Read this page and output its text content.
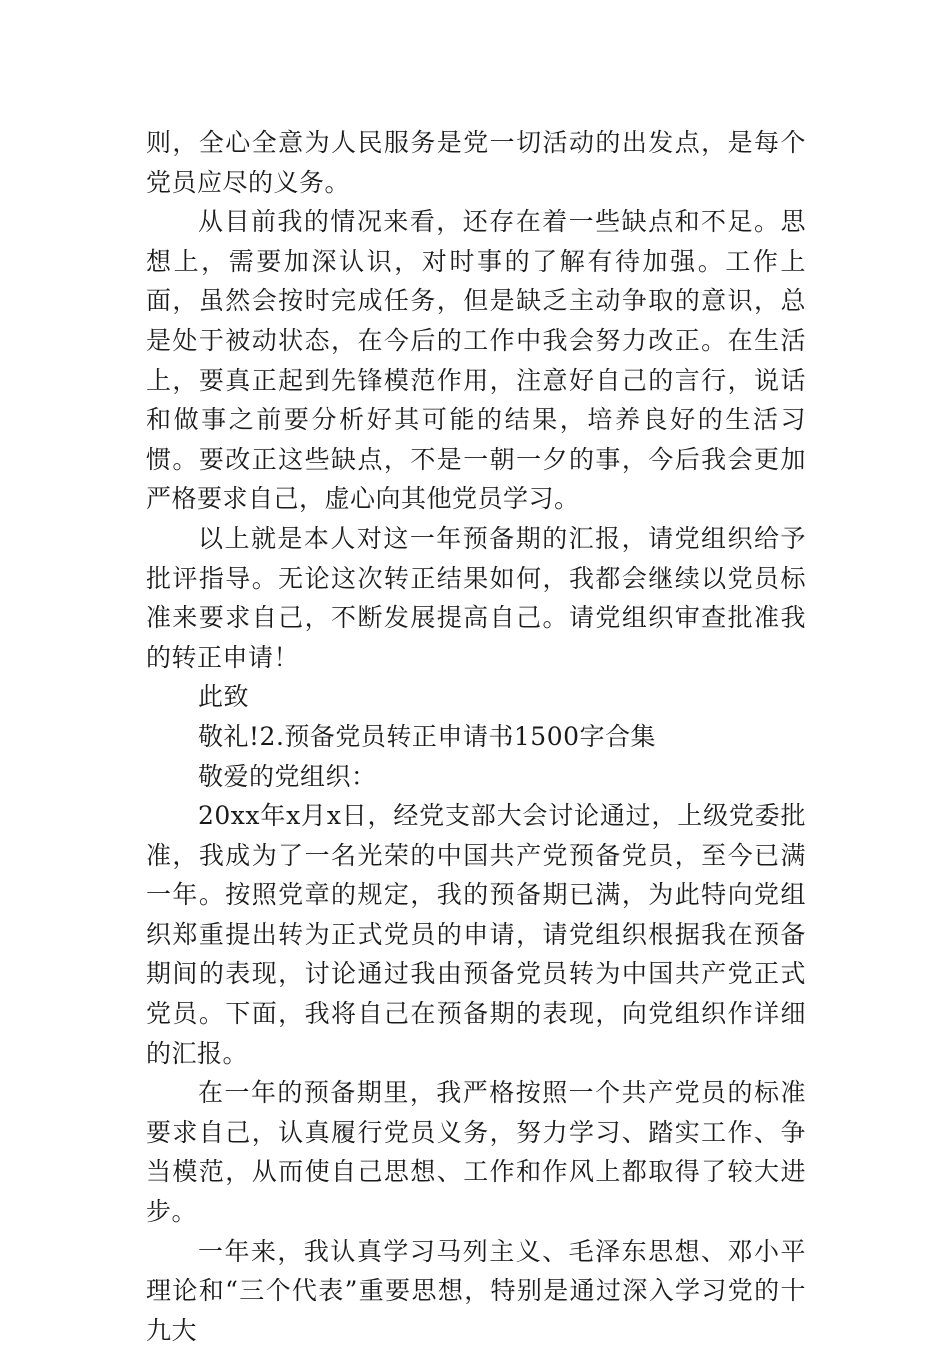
则，全心全意为人民服务是党一切活动的出发点，是每个党员应尽的义务。

从目前我的情况来看，还存在着一些缺点和不足。思想上，需要加深认识，对时事的了解有待加强。工作上面，虽然会按时完成任务，但是缺乏主动争取的意识，总是处于被动状态，在今后的工作中我会努力改正。在生活上，要真正起到先锋模范作用，注意好自己的言行，说话和做事之前要分析好其可能的结果，培养良好的生活习惯。要改正这些缺点，不是一朝一夕的事，今后我会更加严格要求自己，虚心向其他党员学习。

以上就是本人对这一年预备期的汇报，请党组织给予批评指导。无论这次转正结果如何，我都会继续以党员标准来要求自己，不断发展提高自己。请党组织审查批准我的转正申请！

此致

敬礼!2.预备党员转正申请书1500字合集

敬爱的党组织：

20xx年x月x日，经党支部大会讨论通过，上级党委批准，我成为了一名光荣的中国共产党预备党员，至今已满一年。按照党章的规定，我的预备期已满，为此特向党组织郑重提出转为正式党员的申请，请党组织根据我在预备期间的表现，讨论通过我由预备党员转为中国共产党正式党员。下面，我将自己在预备期的表现，向党组织作详细的汇报。

在一年的预备期里，我严格按照一个共产党员的标准要求自己，认真履行党员义务，努力学习、踏实工作、争当模范，从而使自己思想、工作和作风上都取得了较大进步。

一年来，我认真学习马列主义、毛泽东思想、邓小平理论和“三个代表”重要思想，特别是通过深入学习党的十九大
